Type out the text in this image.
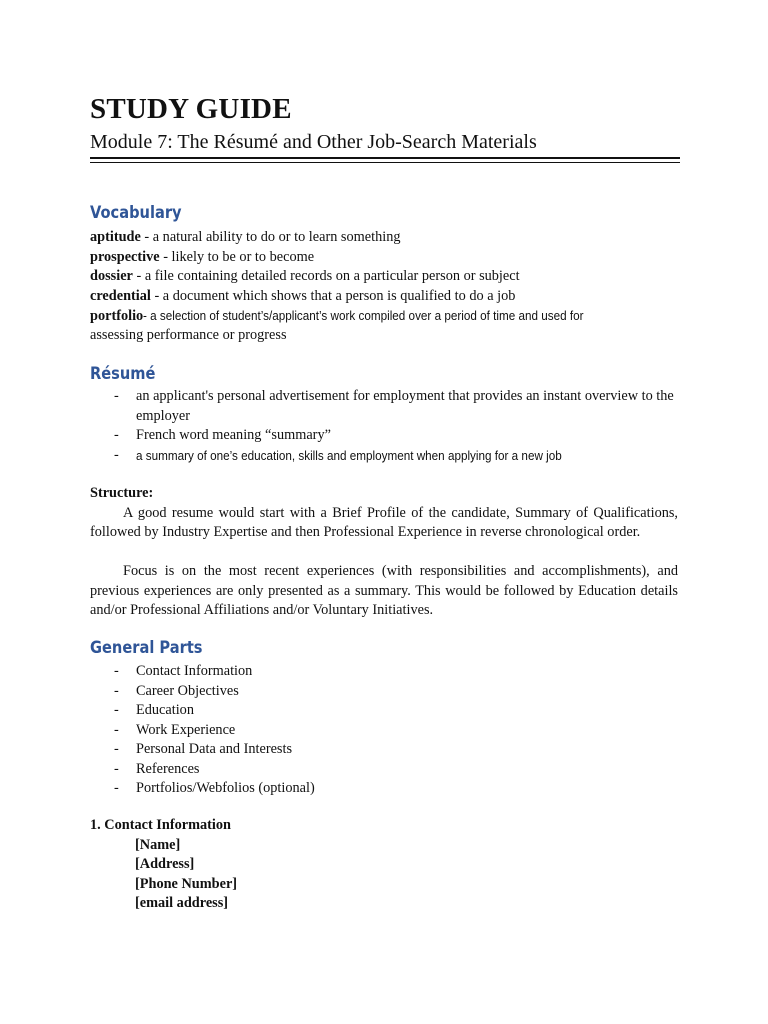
STUDY GUIDE
Module 7: The Résumé and Other Job-Search Materials
Vocabulary
aptitude - a natural ability to do or to learn something
prospective - likely to be or to become
dossier - a file containing detailed records on a particular person or subject
credential - a document which shows that a person is qualified to do a job
portfolio- a selection of student’s/applicant’s work compiled over a period of time and used for
assessing performance or progress
Résumé
- an applicant's personal advertisement for employment that provides an instant overview to the employer
- French word meaning “summary”
- a summary of one’s education, skills and employment when applying for a new job
Structure:
A good resume would start with a Brief Profile of the candidate, Summary of Qualifications, followed by Industry Expertise and then Professional Experience in reverse chronological order.
Focus is on the most recent experiences (with responsibilities and accomplishments), and previous experiences are only presented as a summary. This would be followed by Education details and/or Professional Affiliations and/or Voluntary Initiatives.
General Parts
- Contact Information
- Career Objectives
- Education
- Work Experience
- Personal Data and Interests
- References
- Portfolios/Webfolios (optional)
1. Contact Information
[Name]
[Address]
[Phone Number]
[email address]
